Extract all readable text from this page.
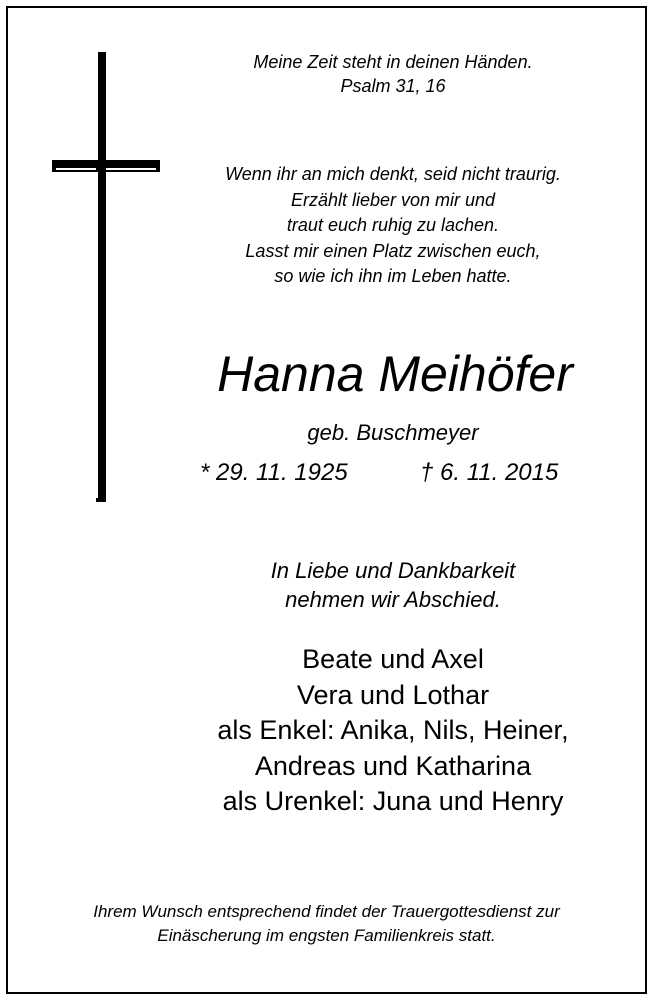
Meine Zeit steht in deinen Händen.
Psalm 31, 16
Wenn ihr an mich denkt, seid nicht traurig.
Erzählt lieber von mir und
traut euch ruhig zu lachen.
Lasst mir einen Platz zwischen euch,
so wie ich ihn im Leben hatte.
Hanna Meihöfer
geb. Buschmeyer
* 29. 11. 1925	† 6. 11. 2015
In Liebe und Dankbarkeit
nehmen wir Abschied.
Beate und Axel
Vera und Lothar
als Enkel: Anika, Nils, Heiner,
Andreas und Katharina
als Urenkel: Juna und Henry
Ihrem Wunsch entsprechend findet der Trauergottesdienst zur
Einäscherung im engsten Familienkreis statt.
